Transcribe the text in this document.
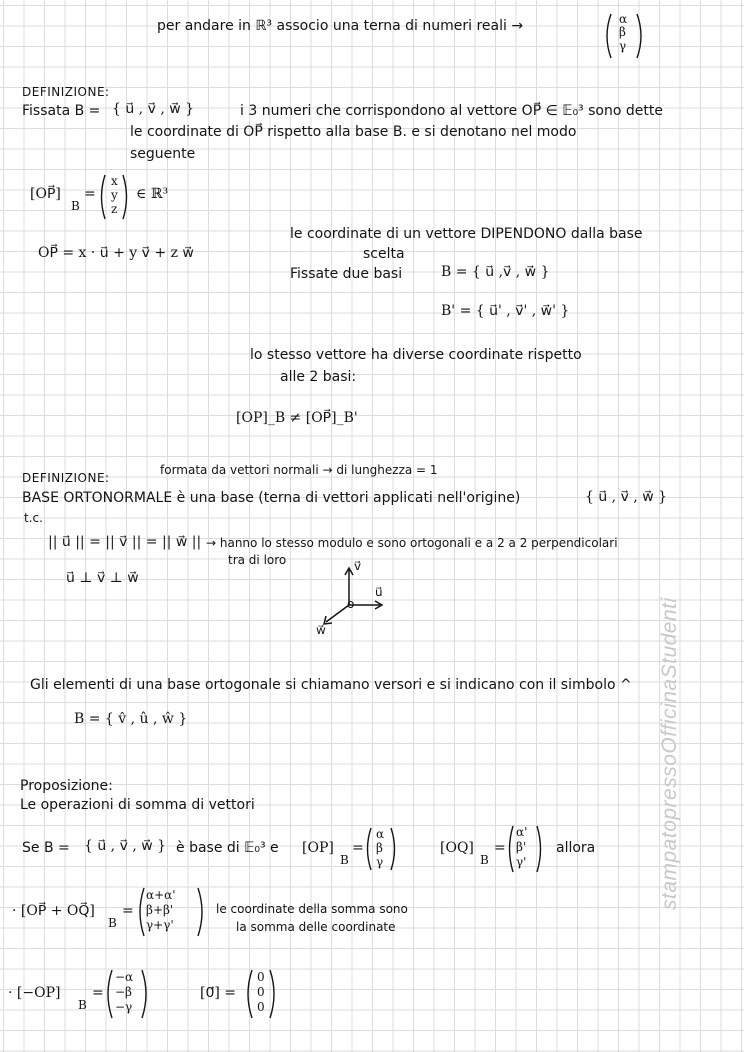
stampatopressoOfficinaStudenti
per andare in ℝ³ associo una terna di numeri reali →	α
β
γ
DEFINIZIONE:
Fissata B = { u⃗ , v⃗ , w⃗ }	i 3 numeri che corrispondono al vettore OP⃗ ∈ 𝔼₀³ sono dette
le coordinate di OP⃗ rispetto alla base B. e si denotano nel modo
seguente
[OP⃗]
B
=
x
y
z
∈ ℝ³
OP⃗ = x · u⃗ + y v⃗ + z w⃗
le coordinate di un vettore DIPENDONO dalla base
scelta
Fissate due basi	B = { u⃗ ,v⃗ , w⃗ }
B' = { u⃗' , v⃗' , w⃗' }
lo stesso vettore ha diverse coordinate rispetto
alle 2 basi:
[OP]_B ≠ [OP⃗]_B'
DEFINIZIONE:
formata da vettori normali → di lunghezza = 1
BASE ORTONORMALE è una base (terna di vettori applicati nell'origine)	{ u⃗ , v⃗ , w⃗ }
t.c.
|| u⃗ || = || v⃗ || = || w⃗ || → hanno lo stesso modulo e sono ortogonali e a 2 a 2 perpendicolari
tra di loro
u⃗ ⊥ v⃗ ⊥ w⃗
v⃗
u⃗
w⃗
o
Gli elementi di una base ortogonale si chiamano versori e si indicano con il simbolo ^
B = { v̂ , û , ŵ }
Proposizione:
Le operazioni di somma di vettori
Se B = { u⃗ , v⃗ , w⃗ } è base di 𝔼₀³ e [OP]
B
=
α
β
γ
[OQ]
B
=
α'
β'
γ'
allora
· [OP⃗ + OQ⃗]
B
=
α+α'
β+β'
γ+γ'
le coordinate della somma sono
la somma delle coordinate
· [−OP]
B
=
−α
−β
−γ
[0⃗] =
0
0
0
